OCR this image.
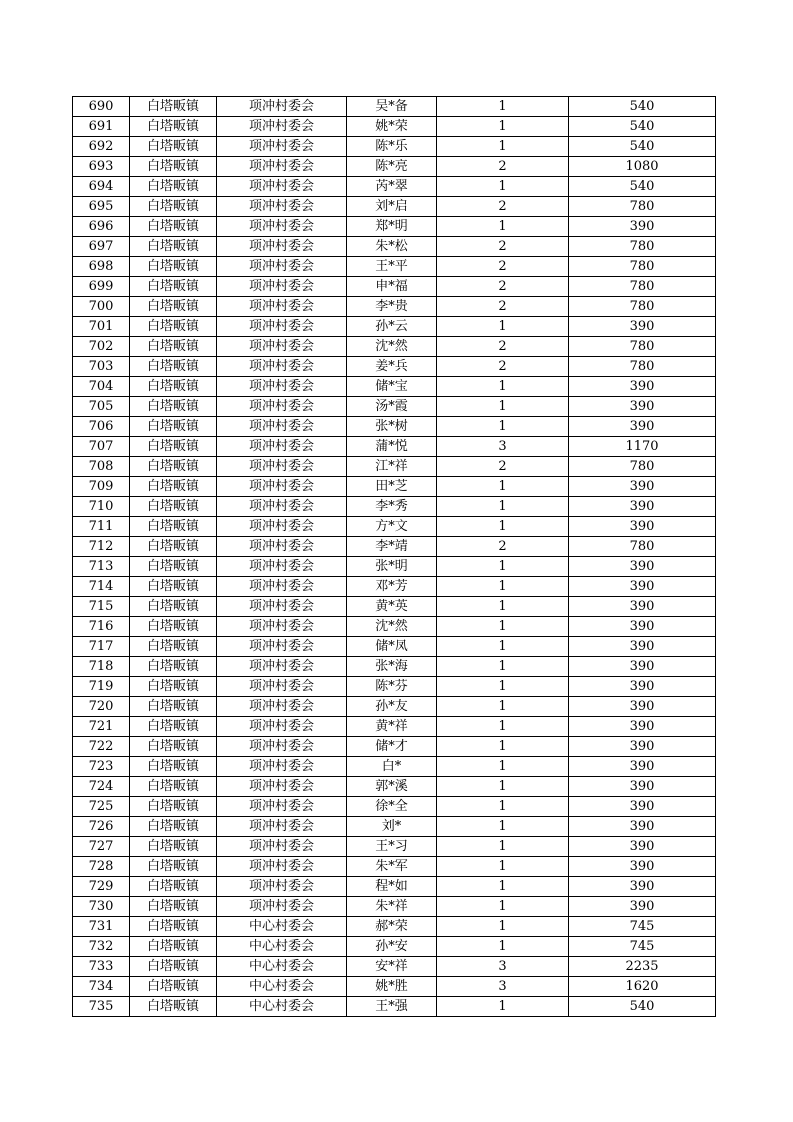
690	白塔畈镇	项冲村委会	吴*备	1	540
691	白塔畈镇	项冲村委会	姚*荣	1	540
692	白塔畈镇	项冲村委会	陈*乐	1	540
693	白塔畈镇	项冲村委会	陈*亮	2	1080
694	白塔畈镇	项冲村委会	芮*翠	1	540
695	白塔畈镇	项冲村委会	刘*启	2	780
696	白塔畈镇	项冲村委会	郑*明	1	390
697	白塔畈镇	项冲村委会	朱*松	2	780
698	白塔畈镇	项冲村委会	王*平	2	780
699	白塔畈镇	项冲村委会	申*福	2	780
700	白塔畈镇	项冲村委会	李*贵	2	780
701	白塔畈镇	项冲村委会	孙*云	1	390
702	白塔畈镇	项冲村委会	沈*然	2	780
703	白塔畈镇	项冲村委会	姜*兵	2	780
704	白塔畈镇	项冲村委会	储*宝	1	390
705	白塔畈镇	项冲村委会	汤*霞	1	390
706	白塔畈镇	项冲村委会	张*树	1	390
707	白塔畈镇	项冲村委会	蒲*悦	3	1170
708	白塔畈镇	项冲村委会	江*祥	2	780
709	白塔畈镇	项冲村委会	田*芝	1	390
710	白塔畈镇	项冲村委会	李*秀	1	390
711	白塔畈镇	项冲村委会	方*文	1	390
712	白塔畈镇	项冲村委会	李*靖	2	780
713	白塔畈镇	项冲村委会	张*明	1	390
714	白塔畈镇	项冲村委会	邓*芳	1	390
715	白塔畈镇	项冲村委会	黄*英	1	390
716	白塔畈镇	项冲村委会	沈*然	1	390
717	白塔畈镇	项冲村委会	储*凤	1	390
718	白塔畈镇	项冲村委会	张*海	1	390
719	白塔畈镇	项冲村委会	陈*芬	1	390
720	白塔畈镇	项冲村委会	孙*友	1	390
721	白塔畈镇	项冲村委会	黄*祥	1	390
722	白塔畈镇	项冲村委会	储*才	1	390
723	白塔畈镇	项冲村委会	白*	1	390
724	白塔畈镇	项冲村委会	郭*溪	1	390
725	白塔畈镇	项冲村委会	徐*全	1	390
726	白塔畈镇	项冲村委会	刘*	1	390
727	白塔畈镇	项冲村委会	王*习	1	390
728	白塔畈镇	项冲村委会	朱*军	1	390
729	白塔畈镇	项冲村委会	程*如	1	390
730	白塔畈镇	项冲村委会	朱*祥	1	390
731	白塔畈镇	中心村委会	郝*荣	1	745
732	白塔畈镇	中心村委会	孙*安	1	745
733	白塔畈镇	中心村委会	安*祥	3	2235
734	白塔畈镇	中心村委会	姚*胜	3	1620
735	白塔畈镇	中心村委会	王*强	1	540
